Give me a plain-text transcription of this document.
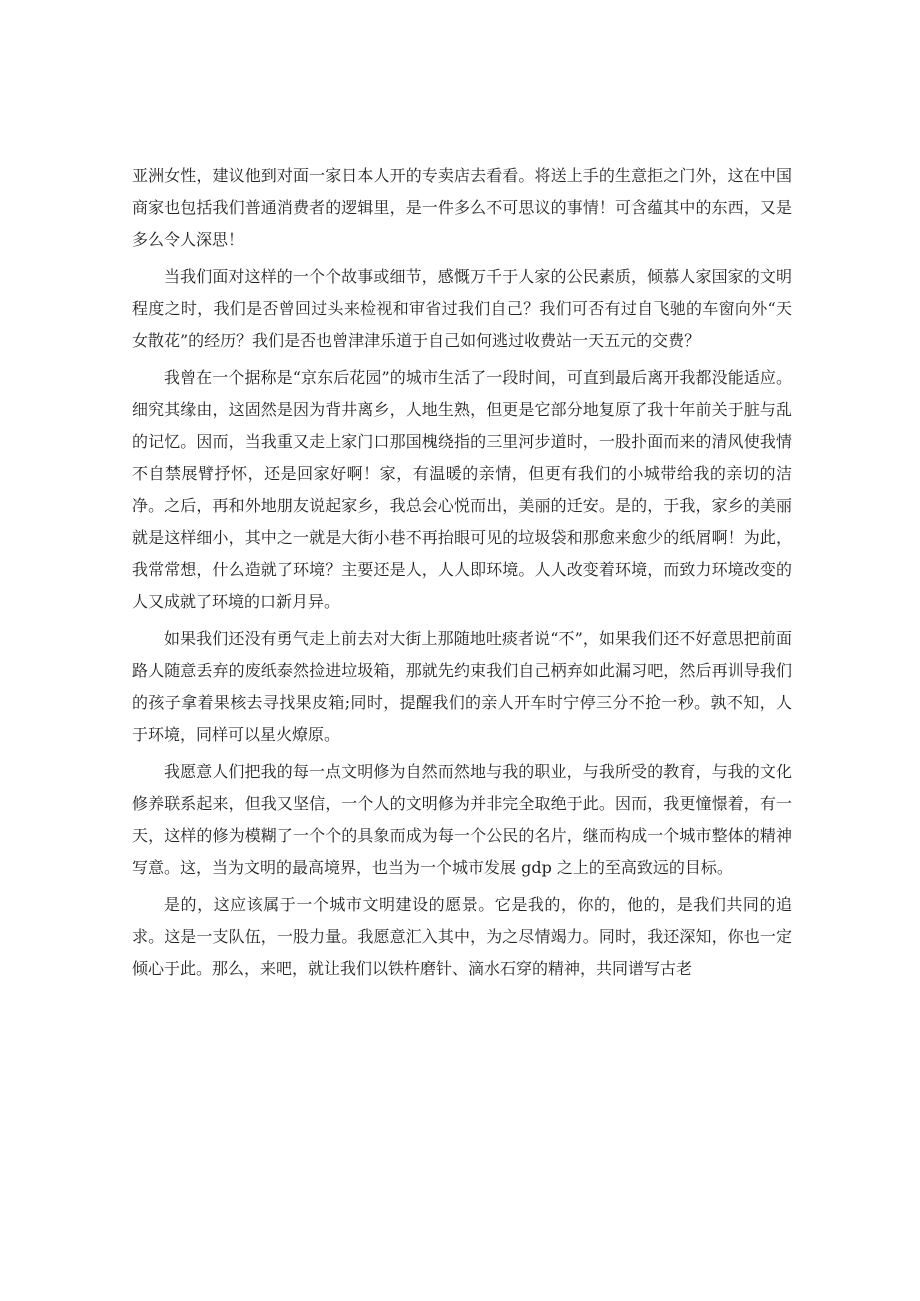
亚洲女性，建议他到对面一家日本人开的专卖店去看看。将送上手的生意拒之门外，这在中国商家也包括我们普通消费者的逻辑里，是一件多么不可思议的事情！可含蕴其中的东西，又是多么令人深思！

当我们面对这样的一个个故事或细节，感慨万千于人家的公民素质，倾慕人家国家的文明程度之时，我们是否曾回过头来检视和审省过我们自己？我们可否有过自飞驰的车窗向外“天女散花”的经历？我们是否也曾津津乐道于自己如何逃过收费站一天五元的交费？

我曾在一个据称是“京东后花园”的城市生活了一段时间，可直到最后离开我都没能适应。细究其缘由，这固然是因为背井离乡，人地生熟，但更是它部分地复原了我十年前关于脏与乱的记忆。因而，当我重又走上家门口那国槐绕指的三里河步道时，一股扑面而来的清风使我情不自禁展臂抒怀，还是回家好啊！家，有温暖的亲情，但更有我们的小城带给我的亲切的洁净。之后，再和外地朋友说起家乡，我总会心悦而出，美丽的迁安。是的，于我，家乡的美丽就是这样细小，其中之一就是大街小巷不再抬眼可见的垃圾袋和那愈来愈少的纸屑啊！为此，我常常想，什么造就了环境？主要还是人，人人即环境。人人改变着环境，而致力环境改变的人又成就了环境的口新月异。

如果我们还没有勇气走上前去对大街上那随地吐痰者说“不”，如果我们还不好意思把前面路人随意丢弃的废纸泰然捡进垃圾箱，那就先约束我们自己柄弃如此漏习吧，然后再训导我们的孩子拿着果核去寻找果皮箱;同时，提醒我们的亲人开车时宁停三分不抢一秒。孰不知，人于环境，同样可以星火燎原。

我愿意人们把我的每一点文明修为自然而然地与我的职业，与我所受的教育，与我的文化修养联系起来，但我又坚信，一个人的文明修为并非完全取绝于此。因而，我更憧憬着，有一天，这样的修为模糊了一个个的具象而成为每一个公民的名片，继而构成一个城市整体的精神写意。这，当为文明的最高境界，也当为一个城市发展 gdp 之上的至高致远的目标。

是的，这应该属于一个城市文明建设的愿景。它是我的，你的，他的，是我们共同的追求。这是一支队伍，一股力量。我愿意汇入其中，为之尽情竭力。同时，我还深知，你也一定倾心于此。那么，来吧，就让我们以铁杵磨针、滴水石穿的精神，共同谱写古老
